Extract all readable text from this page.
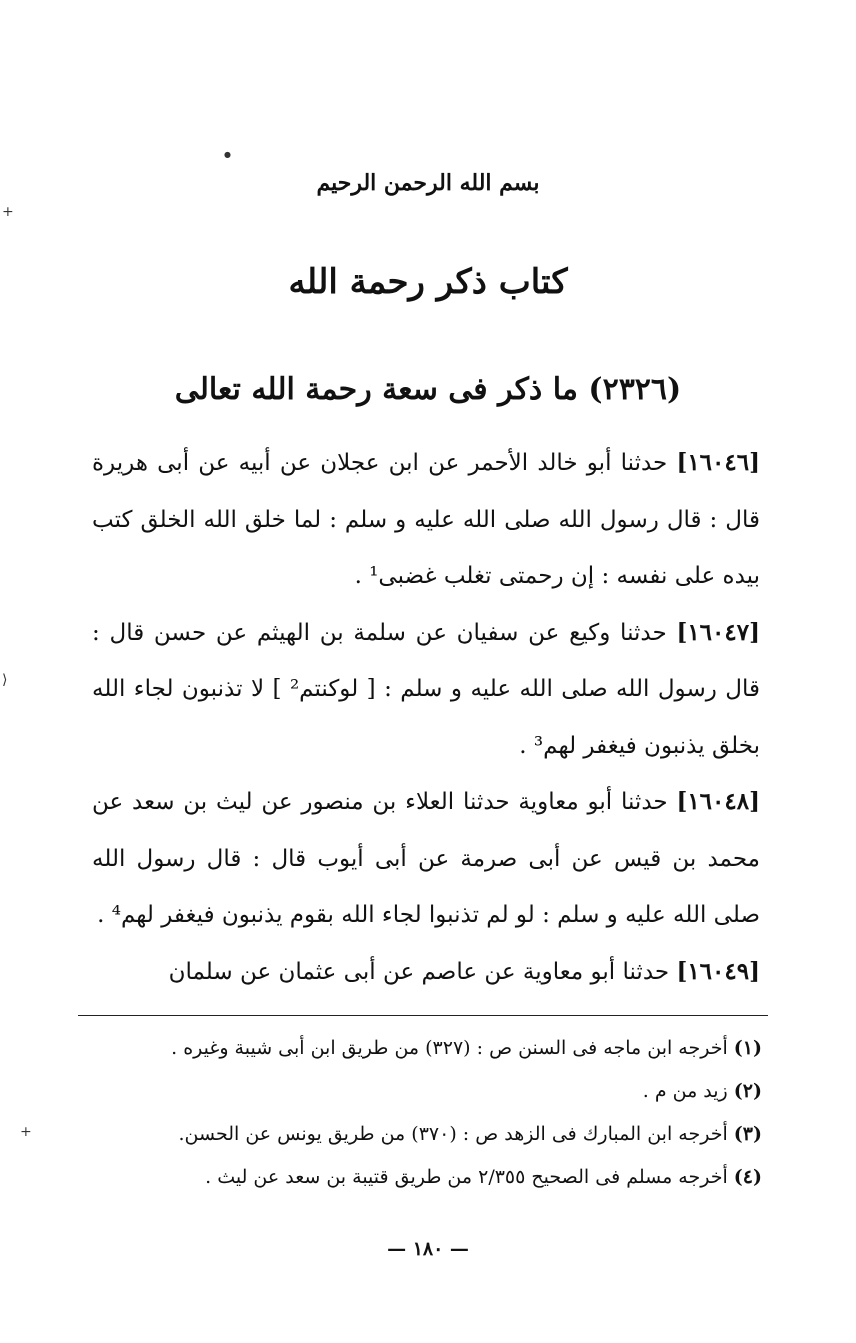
بسم الله الرحمن الرحيم
كتاب ذكر رحمة الله
(٢٣٢٦) ما ذكر فى سعة رحمة الله تعالى

[١٦٠٤٦] حدثنا أبو خالد الأحمر عن ابن عجلان عن أبيه عن أبى هريرة قال : قال رسول الله صلى الله عليه و سلم : لما خلق الله الخلق كتب بيده على نفسه : إن رحمتى تغلب غضبى¹ .

[١٦٠٤٧] حدثنا وكيع عن سفيان عن سلمة بن الهيثم عن حسن قال : قال رسول الله صلى الله عليه و سلم : [ لوكنتم² ] لا تذنبون لجاء الله بخلق يذنبون فيغفر لهم³ .

[١٦٠٤٨] حدثنا أبو معاوية حدثنا العلاء بن منصور عن ليث بن سعد عن محمد بن قيس عن أبى صرمة عن أبى أيوب قال : قال رسول الله صلى الله عليه و سلم : لو لم تذنبوا لجاء الله بقوم يذنبون فيغفر لهم⁴ .

[١٦٠٤٩] حدثنا أبو معاوية عن عاصم عن أبى عثمان عن سلمان

(١) أخرجه ابن ماجه فى السنن ص : (٣٢٧) من طريق ابن أبى شيبة وغيره .

(٢) زيد من م .

(٣) أخرجه ابن المبارك فى الزهد ص : (٣٧٠) من طريق يونس عن الحسن.

(٤) أخرجه مسلم فى الصحيح ٢/٣٥٥ من طريق قتيبة بن سعد عن ليث .

— ١٨٠ —
+
⟩
+
●
